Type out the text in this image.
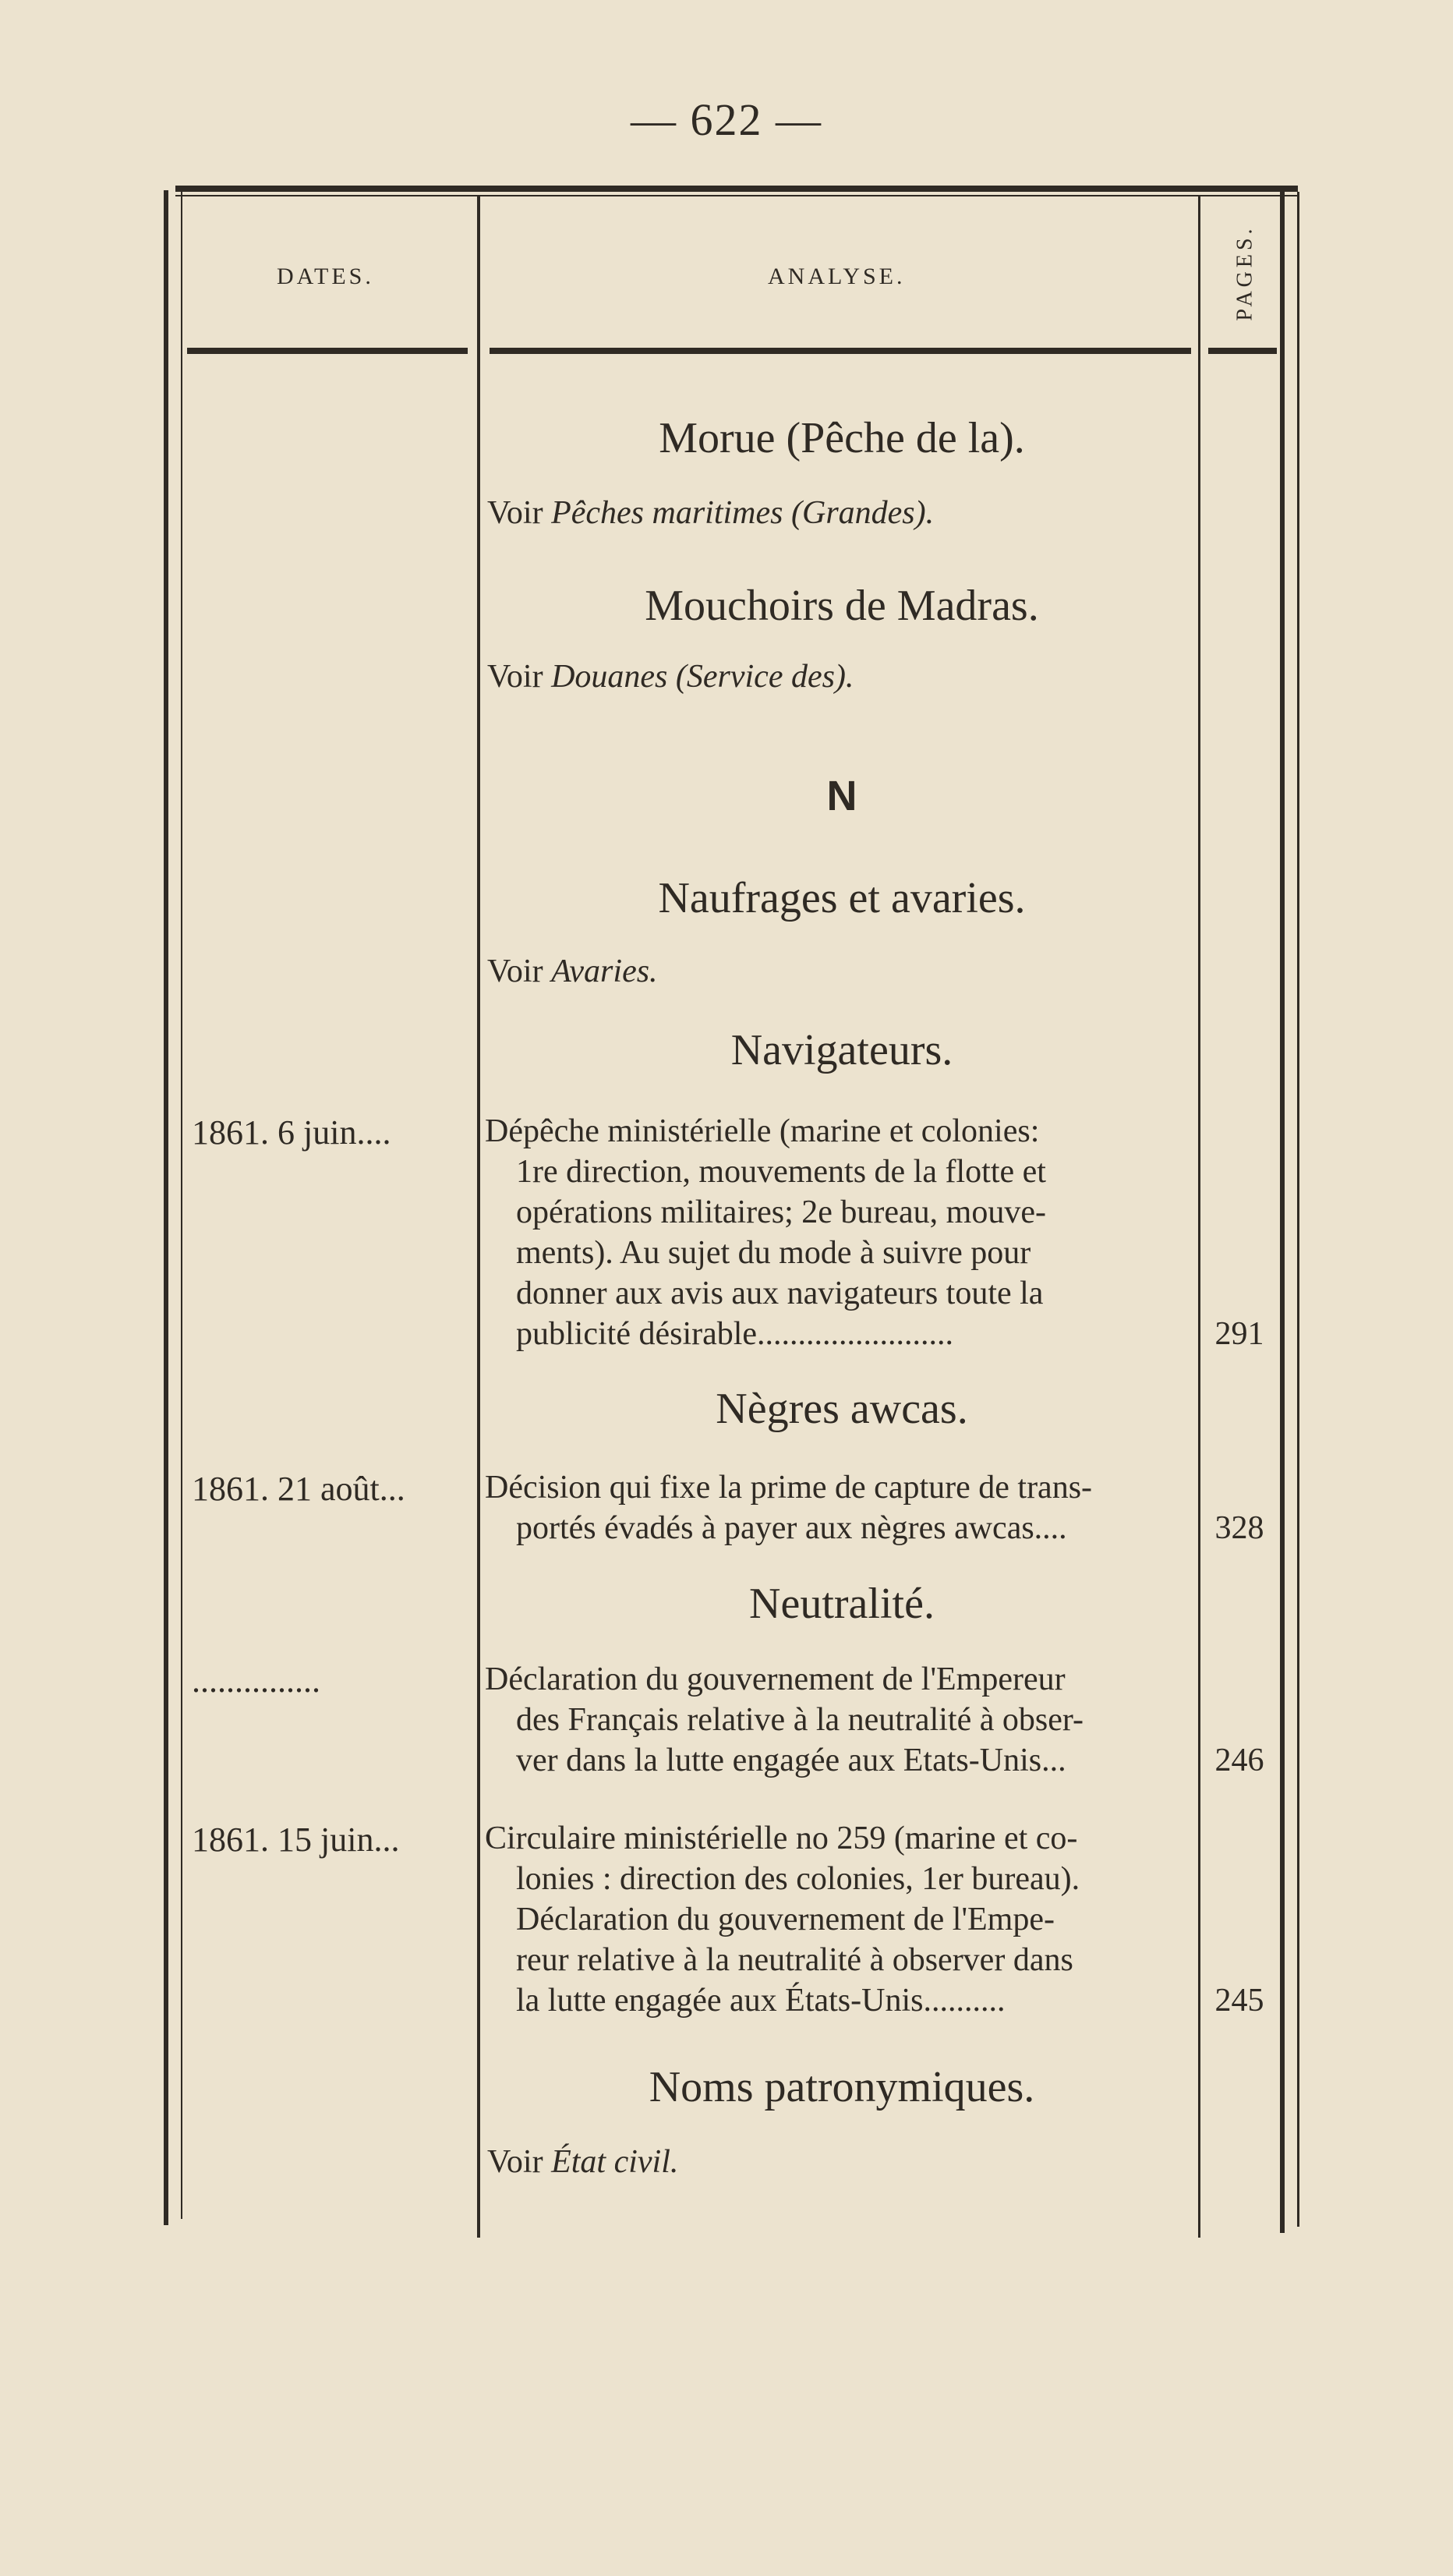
— 622 —
DATES.	ANALYSE.	PAGES.
Morue (Pêche de la).
Voir Pêches maritimes (Grandes).
Mouchoirs de Madras.
Voir Douanes (Service des).
N
Naufrages et avaries.
Voir Avaries.
Navigateurs.
1861. 6 juin....	Dépêche ministérielle (marine et colonies:
1re direction, mouvements de la flotte et
opérations militaires; 2e bureau, mouve-
ments). Au sujet du mode à suivre pour
donner aux avis aux navigateurs toute la
publicité désirable........................	291
Nègres awcas.
1861. 21 août...	Décision qui fixe la prime de capture de trans-
portés évadés à payer aux nègres awcas....	328
Neutralité.
...............	Déclaration du gouvernement de l'Empereur
des Français relative à la neutralité à obser-
ver dans la lutte engagée aux Etats-Unis...	246
1861. 15 juin...	Circulaire ministérielle no 259 (marine et co-
lonies : direction des colonies, 1er bureau).
Déclaration du gouvernement de l'Empe-
reur relative à la neutralité à observer dans
la lutte engagée aux États-Unis..........	245
Noms patronymiques.
Voir État civil.
